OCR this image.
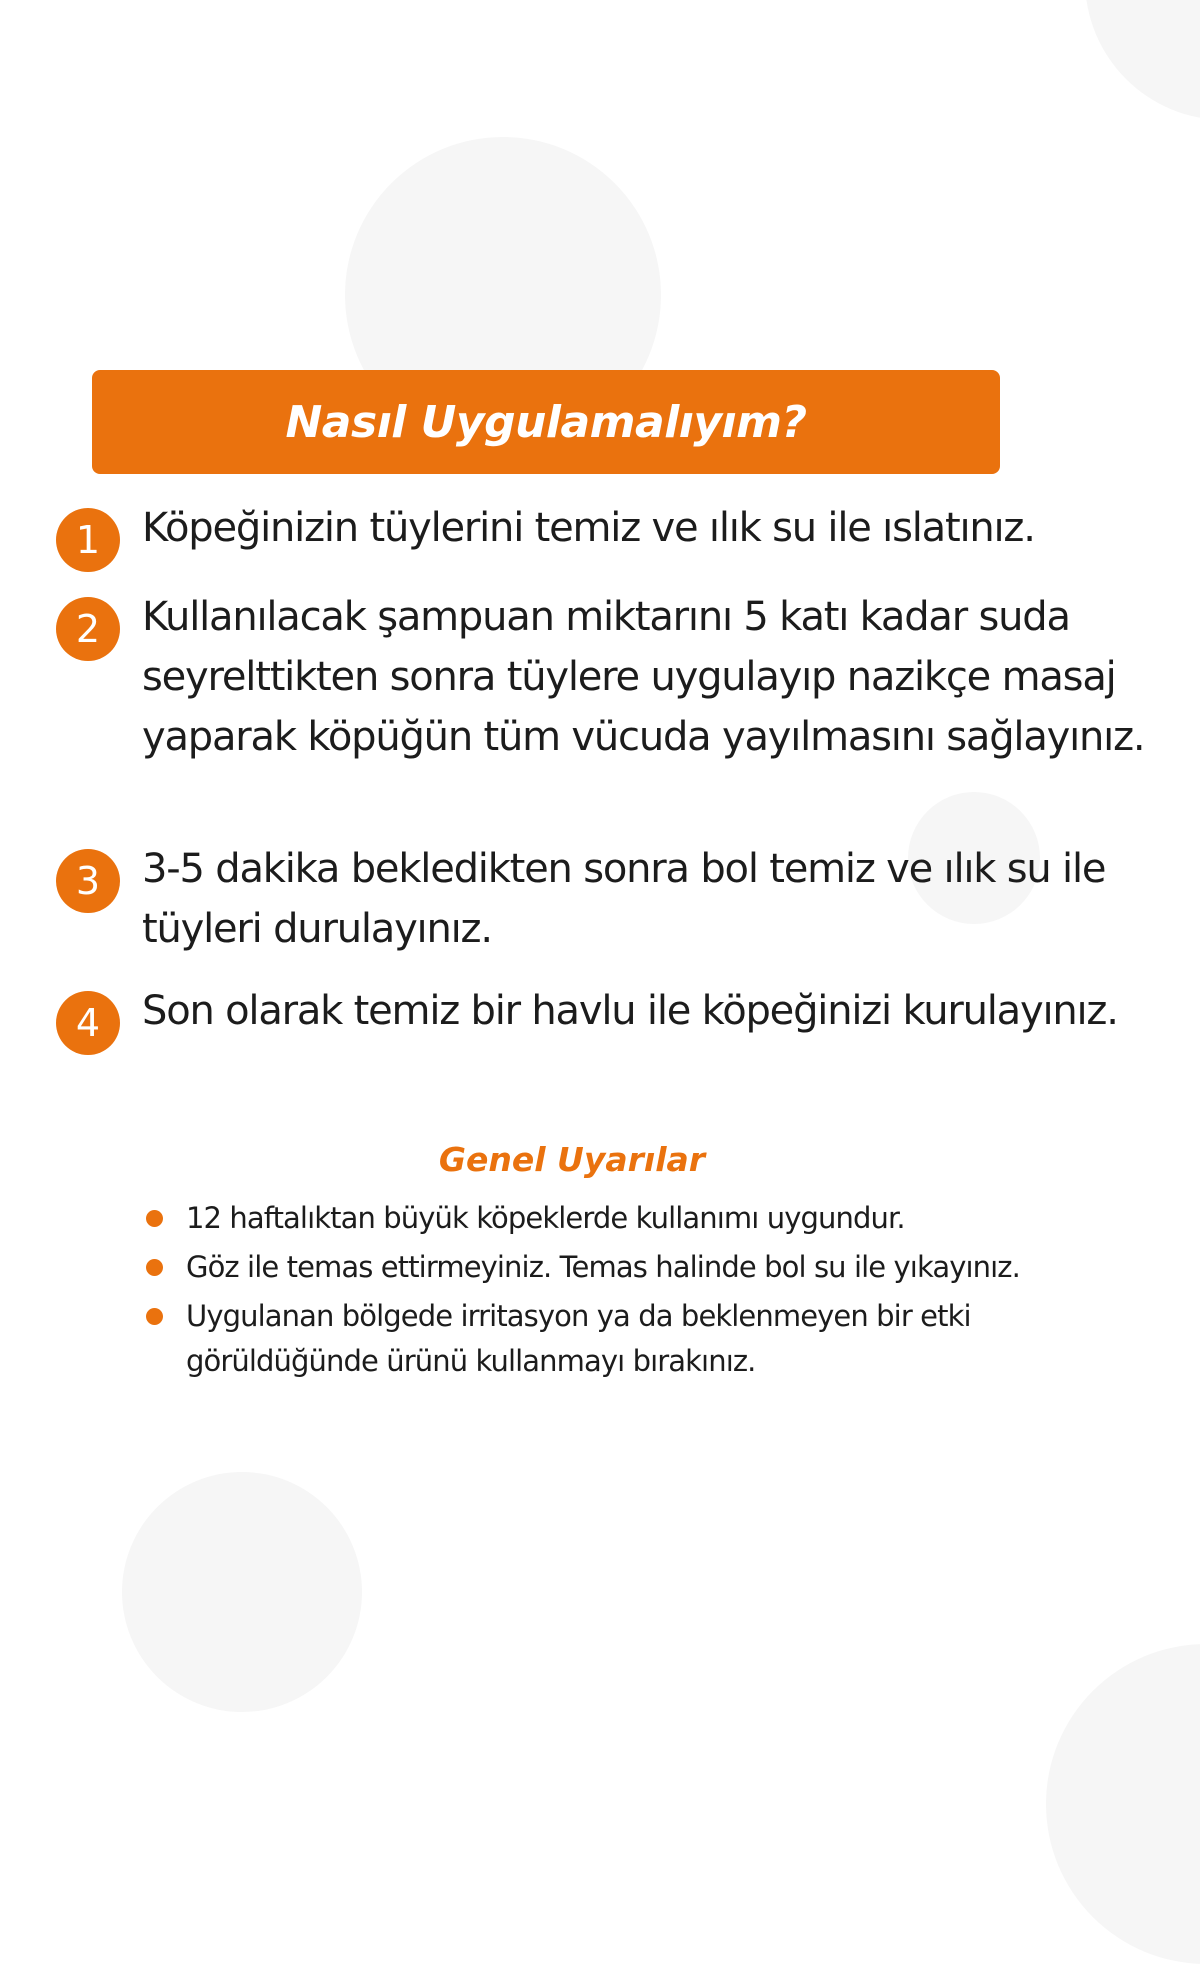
Nasıl Uygulamalıyım?
1	Köpeğinizin tüylerini temiz ve ılık su ile ıslatınız.
2	Kullanılacak şampuan miktarını 5 katı kadar suda seyrelttikten sonra tüylere uygulayıp nazikçe masaj yaparak köpüğün tüm vücuda yayılmasını sağlayınız.
3	3-5 dakika bekledikten sonra bol temiz ve ılık su ile tüyleri durulayınız.
4	Son olarak temiz bir havlu ile köpeğinizi kurulayınız.
Genel Uyarılar
12 haftalıktan büyük köpeklerde kullanımı uygundur.
Göz ile temas ettirmeyiniz. Temas halinde bol su ile yıkayınız.
Uygulanan bölgede irritasyon ya da beklenmeyen bir etki görüldüğünde ürünü kullanmayı bırakınız.
